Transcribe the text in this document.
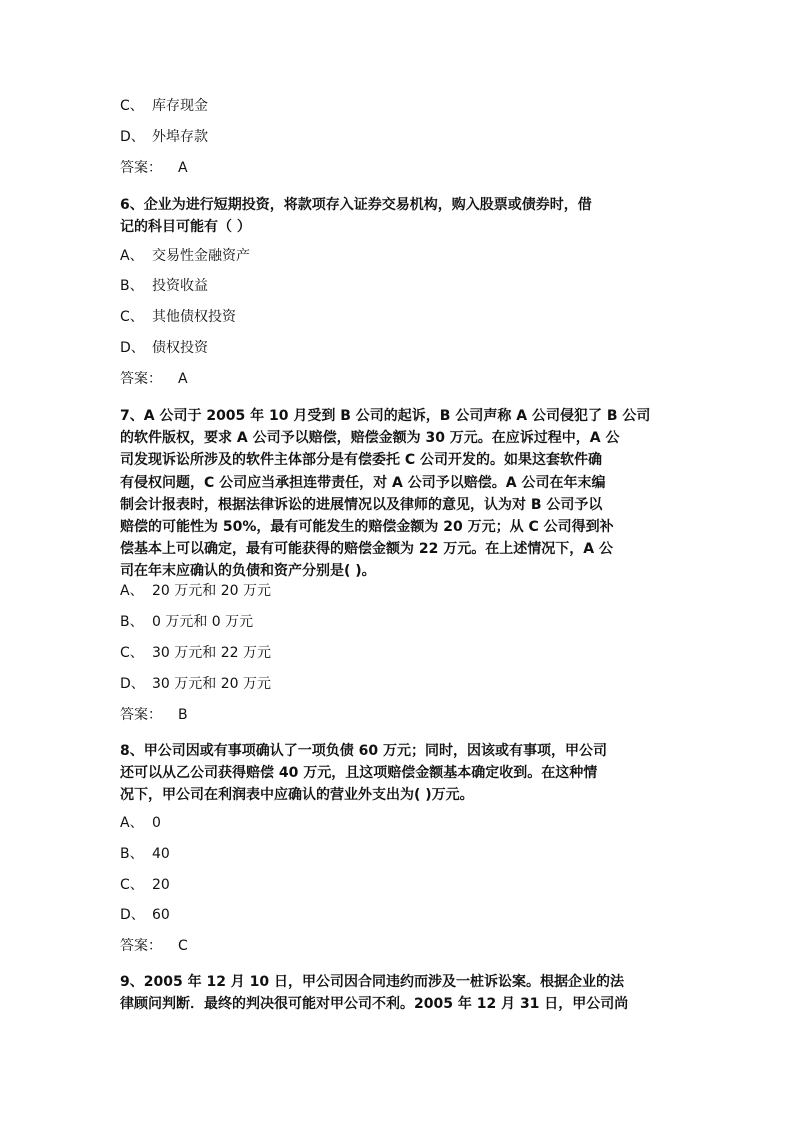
C、 库存现金
D、 外埠存款
答案： A

6、企业为进行短期投资，将款项存入证券交易机构，购入股票或债券时，借

记的科目可能有（ ）

A、 交易性金融资产
B、 投资收益
C、 其他债权投资
D、 债权投资
答案： A

7、A 公司于 2005 年 10 月受到 B 公司的起诉，B 公司声称 A 公司侵犯了 B 公司

的软件版权，要求 A 公司予以赔偿，赔偿金额为 30 万元。在应诉过程中，A 公

司发现诉讼所涉及的软件主体部分是有偿委托 C 公司开发的。如果这套软件确

有侵权问题，C 公司应当承担连带责任，对 A 公司予以赔偿。A 公司在年末编

制会计报表时，根据法律诉讼的进展情况以及律师的意见，认为对 B 公司予以

赔偿的可能性为 50%，最有可能发生的赔偿金额为 20 万元；从 C 公司得到补

偿基本上可以确定，最有可能获得的赔偿金额为 22 万元。在上述情况下，A 公

司在年末应确认的负债和资产分别是( )。

A、 20 万元和 20 万元
B、 0 万元和 0 万元
C、 30 万元和 22 万元
D、 30 万元和 20 万元
答案： B

8、甲公司因或有事项确认了一项负债 60 万元；同时，因该或有事项，甲公司

还可以从乙公司获得赔偿 40 万元，且这项赔偿金额基本确定收到。在这种情

况下，甲公司在利润表中应确认的营业外支出为( )万元。

A、 0
B、 40
C、 20
D、 60
答案： C

9、2005 年 12 月 10 日，甲公司因合同违约而涉及一桩诉讼案。根据企业的法

律顾问判断．最终的判决很可能对甲公司不利。2005 年 12 月 31 日，甲公司尚
